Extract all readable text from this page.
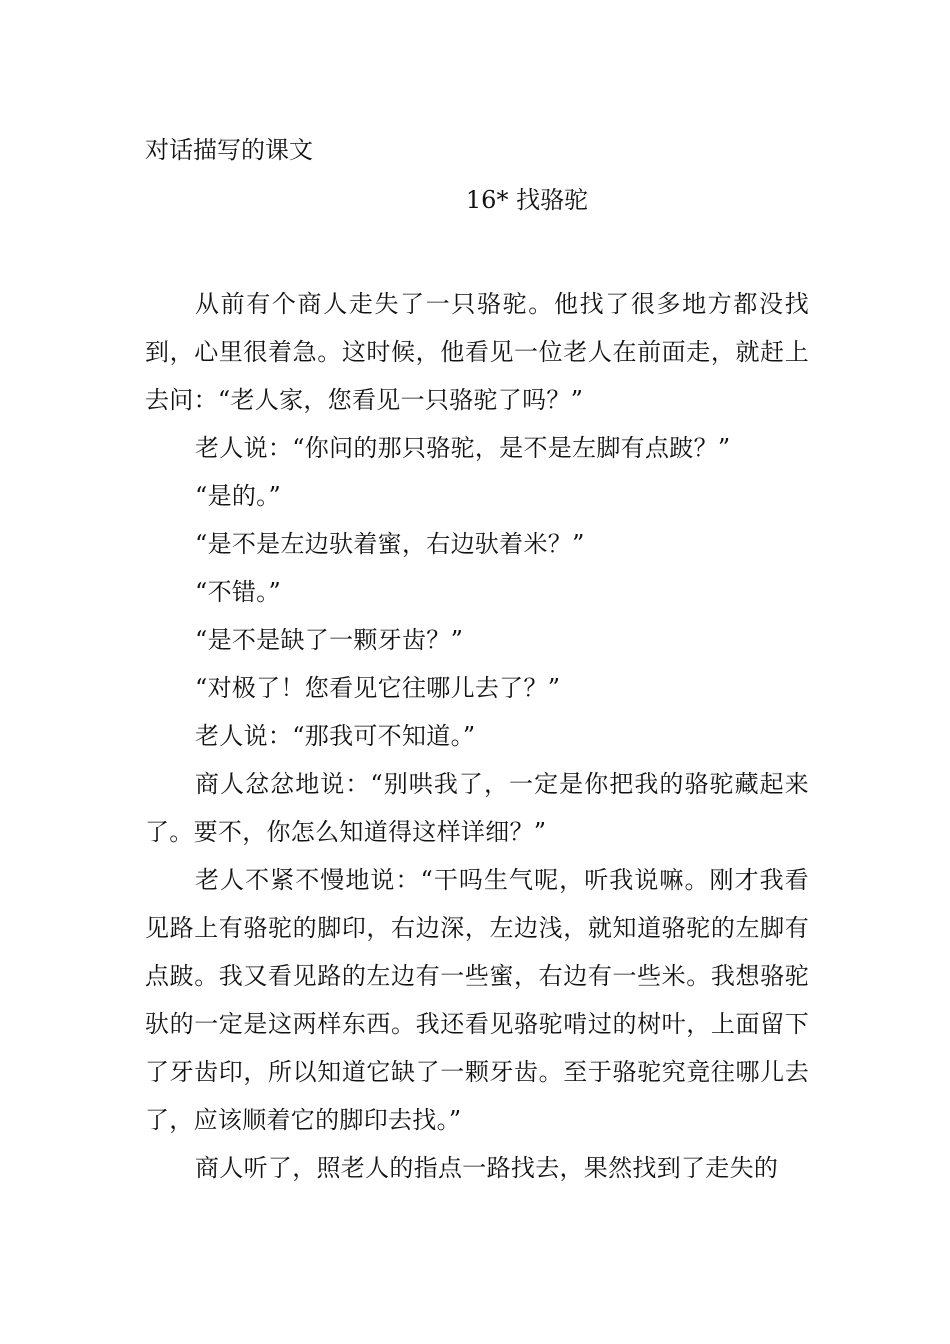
对话描写的课文
16* 找骆驼

从前有个商人走失了一只骆驼。他找了很多地方都没找到，心里很着急。这时候，他看见一位老人在前面走，就赶上去问：“老人家，您看见一只骆驼了吗？”

老人说：“你问的那只骆驼，是不是左脚有点跛？”

“是的。”

“是不是左边驮着蜜，右边驮着米？”

“不错。”

“是不是缺了一颗牙齿？”

“对极了！您看见它往哪儿去了？”

老人说：“那我可不知道。”

商人忿忿地说：“别哄我了，一定是你把我的骆驼藏起来了。要不，你怎么知道得这样详细？”

老人不紧不慢地说：“干吗生气呢，听我说嘛。刚才我看见路上有骆驼的脚印，右边深，左边浅，就知道骆驼的左脚有点跛。我又看见路的左边有一些蜜，右边有一些米。我想骆驼驮的一定是这两样东西。我还看见骆驼啃过的树叶，上面留下了牙齿印，所以知道它缺了一颗牙齿。至于骆驼究竟往哪儿去了，应该顺着它的脚印去找。”

商人听了，照老人的指点一路找去，果然找到了走失的
